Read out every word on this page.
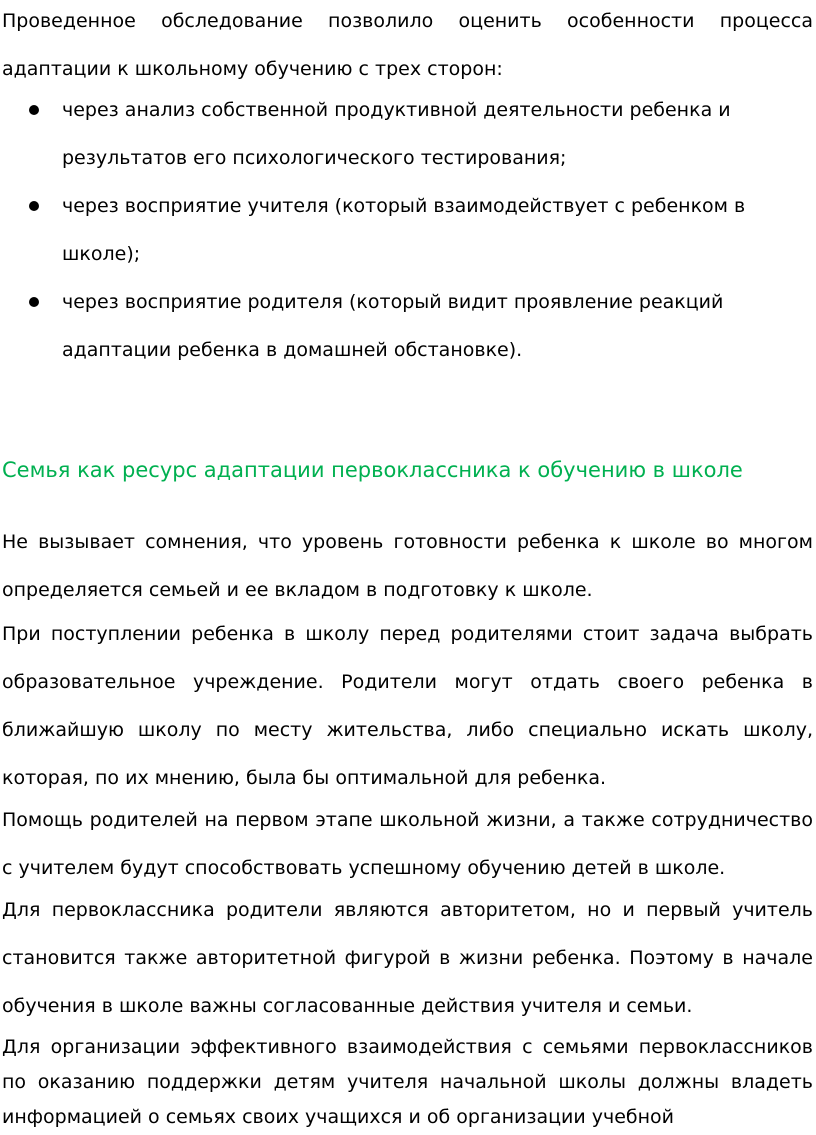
Проведенное обследование позволило оценить особенности процесса адаптации к школьному обучению с трех сторон:

через анализ собственной продуктивной деятельности ребенка и результатов его психологического тестирования;
через восприятие учителя (который взаимодействует с ребенком в школе);
через восприятие родителя (который видит проявление реакций адаптации ребенка в домашней обстановке).
Семья как ресурс адаптации первоклассника к обучению в школе

Не вызывает сомнения, что уровень готовности ребенка к школе во многом определяется семьей и ее вкладом в подготовку к школе.

При поступлении ребенка в школу перед родителями стоит задача выбрать образовательное учреждение. Родители могут отдать своего ребенка в ближайшую школу по месту жительства, либо специально искать школу, которая, по их мнению, была бы оптимальной для ребенка.

Помощь родителей на первом этапе школьной жизни, а также сотрудничество с учителем будут способствовать успешному обучению детей в школе.

Для первоклассника родители являются авторитетом, но и первый учитель становится также авторитетной фигурой в жизни ребенка. Поэтому в начале обучения в школе важны согласованные действия учителя и семьи.

Для организации эффективного взаимодействия с семьями первоклассников по оказанию поддержки детям учителя начальной школы должны владеть информацией о семьях своих учащихся и об организации учебной
